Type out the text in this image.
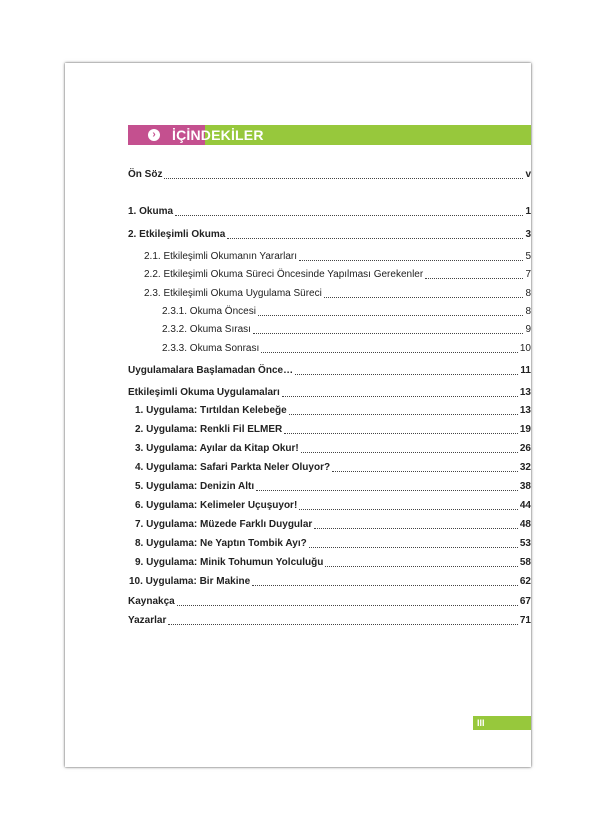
›	İÇİNDEKİLER
Ön Söz	v
1. Okuma	1
2. Etkileşimli Okuma	3
2.1. Etkileşimli Okumanın Yararları	5
2.2. Etkileşimli Okuma Süreci Öncesinde Yapılması Gerekenler	7
2.3. Etkileşimli Okuma Uygulama Süreci	8
2.3.1. Okuma Öncesi	8
2.3.2. Okuma Sırası	9
2.3.3. Okuma Sonrası	10
Uygulamalara Başlamadan Önce…	11
Etkileşimli Okuma Uygulamaları	13
1. Uygulama: Tırtıldan Kelebeğe	13
2. Uygulama: Renkli Fil ELMER	19
3. Uygulama: Ayılar da Kitap Okur!	26
4. Uygulama: Safari Parkta Neler Oluyor?	32
5. Uygulama: Denizin Altı	38
6. Uygulama: Kelimeler Uçuşuyor!	44
7. Uygulama: Müzede Farklı Duygular	48
8. Uygulama: Ne Yaptın Tombik Ayı?	53
9. Uygulama: Minik Tohumun Yolculuğu	58
10. Uygulama: Bir Makine	62
Kaynakça	67
Yazarlar	71
III
